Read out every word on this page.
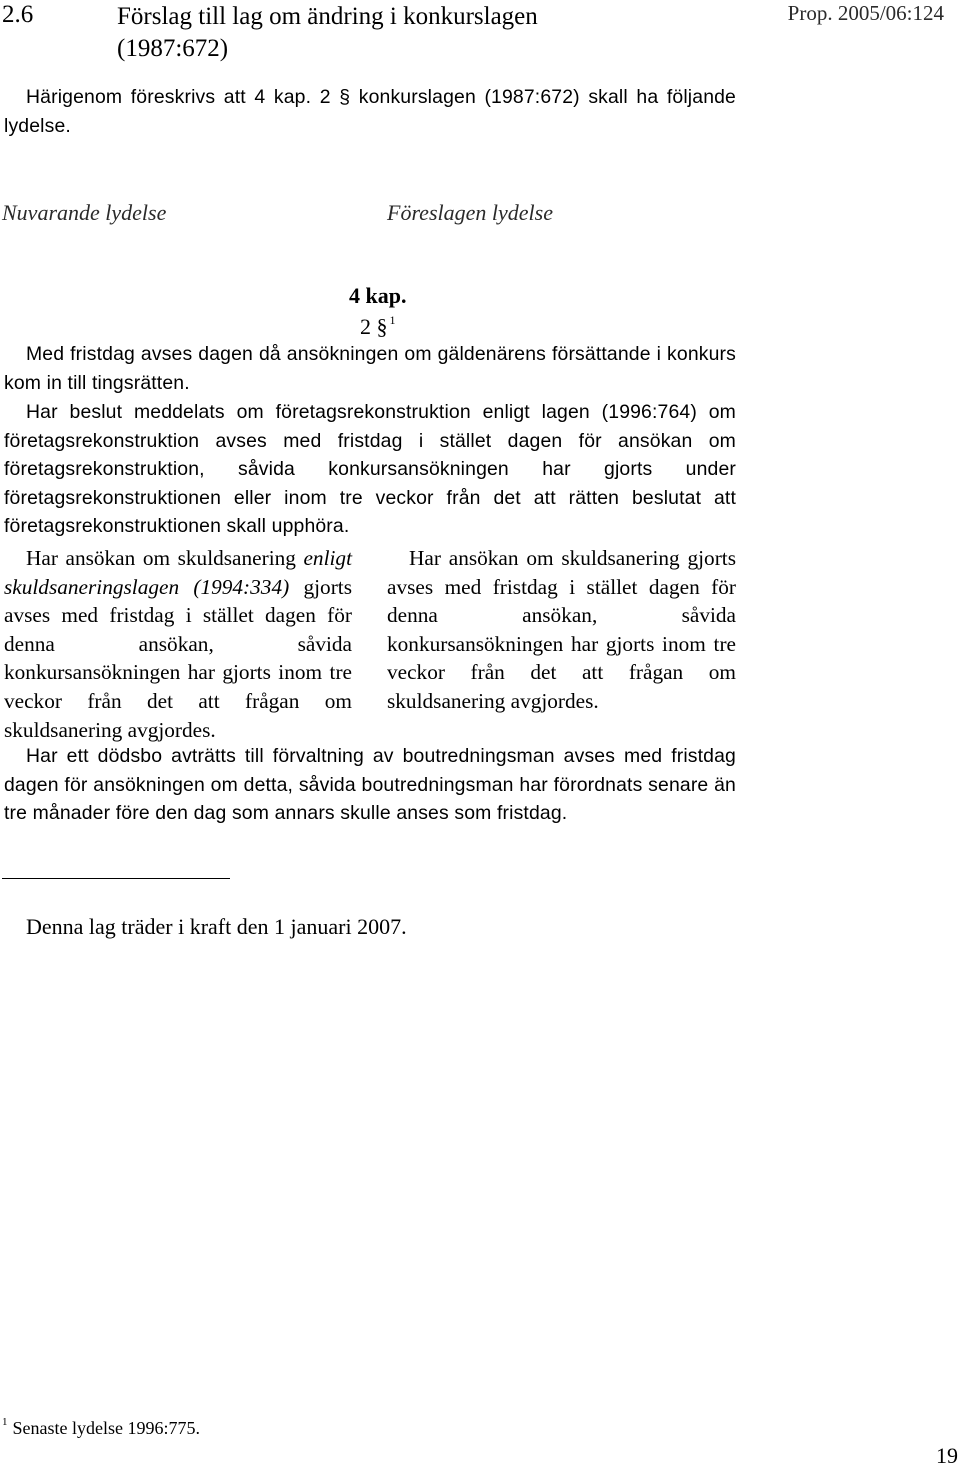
2.6	Förslag till lag om ändring i konkurslagen (1987:672)
Prop. 2005/06:124
Härigenom föreskrivs att 4 kap. 2 § konkurslagen (1987:672) skall ha följande lydelse.
Nuvarande lydelse	Föreslagen lydelse
4 kap.
2 § $^1$
Med fristdag avses dagen då ansökningen om gäldenärens försättande i konkurs kom in till tingsrätten.
Har beslut meddelats om företagsrekonstruktion enligt lagen (1996:764) om företagsrekonstruktion avses med fristdag i stället dagen för ansökan om företagsrekonstruktion, såvida konkursansökningen har gjorts under företagsrekonstruktionen eller inom tre veckor från det att rätten beslutat att företagsrekonstruktionen skall upphöra.
Har ansökan om skuldsanering enligt skuldsaneringslagen (1994:334) gjorts avses med fristdag i stället dagen för denna ansökan, såvida konkursansökningen har gjorts inom tre veckor från det att frågan om skuldsanering avgjordes.
Har ansökan om skuldsanering gjorts avses med fristdag i stället dagen för denna ansökan, såvida konkursansökningen har gjorts inom tre veckor från det att frågan om skuldsanering avgjordes.
Har ett dödsbo avträtts till förvaltning av boutredningsman avses med fristdag dagen för ansökningen om detta, såvida boutredningsman har förordnats senare än tre månader före den dag som annars skulle anses som fristdag.
Denna lag träder i kraft den 1 januari 2007.
$^1$ Senaste lydelse 1996:775.
19
